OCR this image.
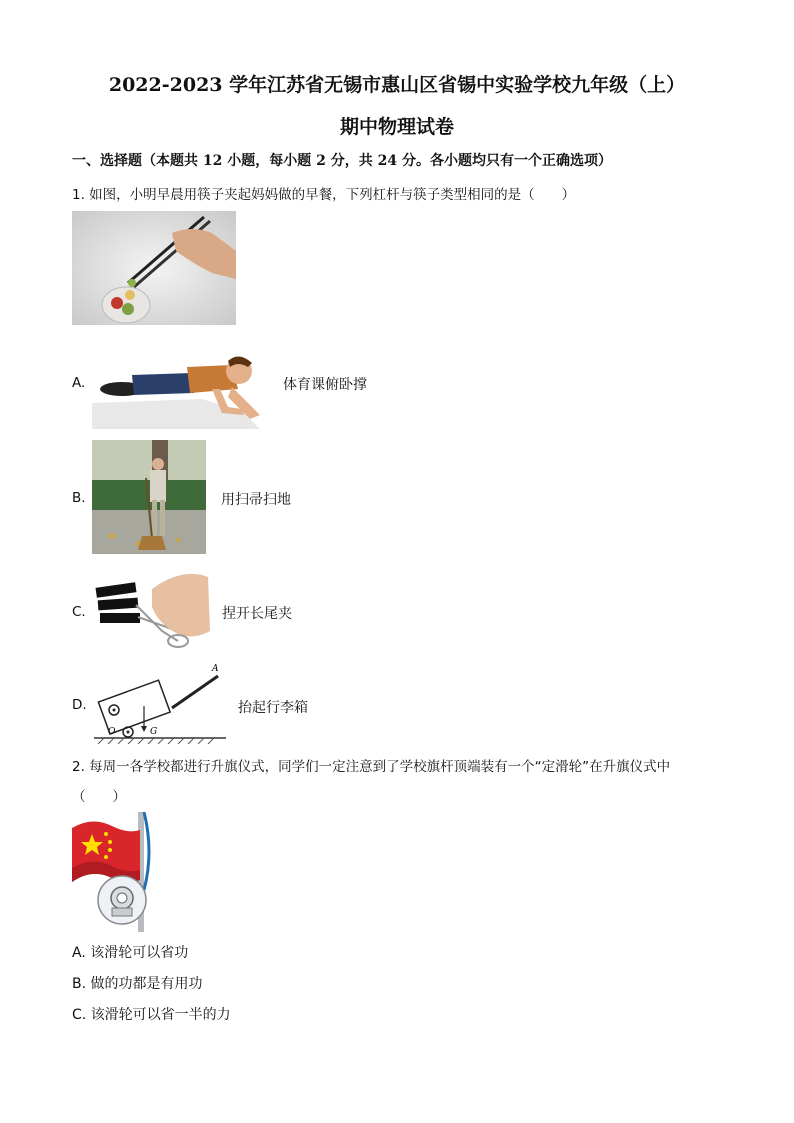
2022-2023 学年江苏省无锡市惠山区省锡中实验学校九年级（上）
期中物理试卷
一、选择题（本题共 12 小题，每小题 2 分，共 24 分。各小题均只有一个正确选项）
1. 如图，小明早晨用筷子夹起妈妈做的早餐，下列杠杆与筷子类型相同的是（　　）
A.	体育课俯卧撑
B.	用扫帚扫地
C.	捏开长尾夹
D.
A
O	G
抬起行李箱
2. 每周一各学校都进行升旗仪式，同学们一定注意到了学校旗杆顶端装有一个“定滑轮”在升旗仪式中
（　　）
A. 该滑轮可以省功
B. 做的功都是有用功
C. 该滑轮可以省一半的力
